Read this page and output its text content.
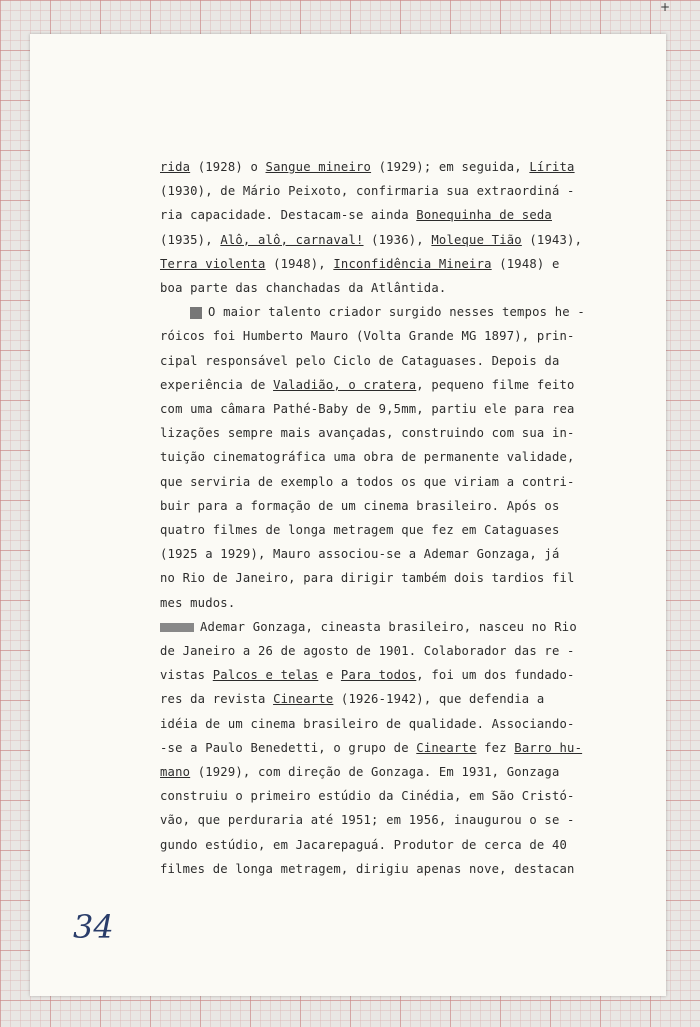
+
rida (1928) o Sangue mineiro (1929); em seguida, Lírita
(1930), de Mário Peixoto, confirmaria sua extraordiná -
ria capacidade. Destacam-se ainda Bonequinha de seda
(1935), Alô, alô, carnaval! (1936), Moleque Tião (1943),
Terra violenta (1948), Inconfidência Mineira (1948) e
boa parte das chanchadas da Atlântida.
O maior talento criador surgido nesses tempos he -
róicos foi Humberto Mauro (Volta Grande MG 1897), prin-
cipal responsável pelo Ciclo de Cataguases. Depois da
experiência de Valadião, o cratera, pequeno filme feito
com uma câmara Pathé-Baby de 9,5mm, partiu ele para rea
lizações sempre mais avançadas, construindo com sua in-
tuição cinematográfica uma obra de permanente validade,
que serviria de exemplo a todos os que viriam a contri-
buir para a formação de um cinema brasileiro. Após os
quatro filmes de longa metragem que fez em Cataguases
(1925 a 1929), Mauro associou-se a Ademar Gonzaga, já
no Rio de Janeiro, para dirigir também dois tardios fil
mes mudos.
Ademar Gonzaga, cineasta brasileiro, nasceu no Rio
de Janeiro a 26 de agosto de 1901. Colaborador das re -
vistas Palcos e telas e Para todos, foi um dos fundado-
res da revista Cinearte (1926-1942), que defendia a
idéia de um cinema brasileiro de qualidade. Associando-
-se a Paulo Benedetti, o grupo de Cinearte fez Barro hu-
mano (1929), com direção de Gonzaga. Em 1931, Gonzaga
construiu o primeiro estúdio da Cinédia, em São Cristó-
vão, que perduraria até 1951; em 1956, inaugurou o se -
gundo estúdio, em Jacarepaguá. Produtor de cerca de 40
filmes de longa metragem, dirigiu apenas nove, destacan
34
